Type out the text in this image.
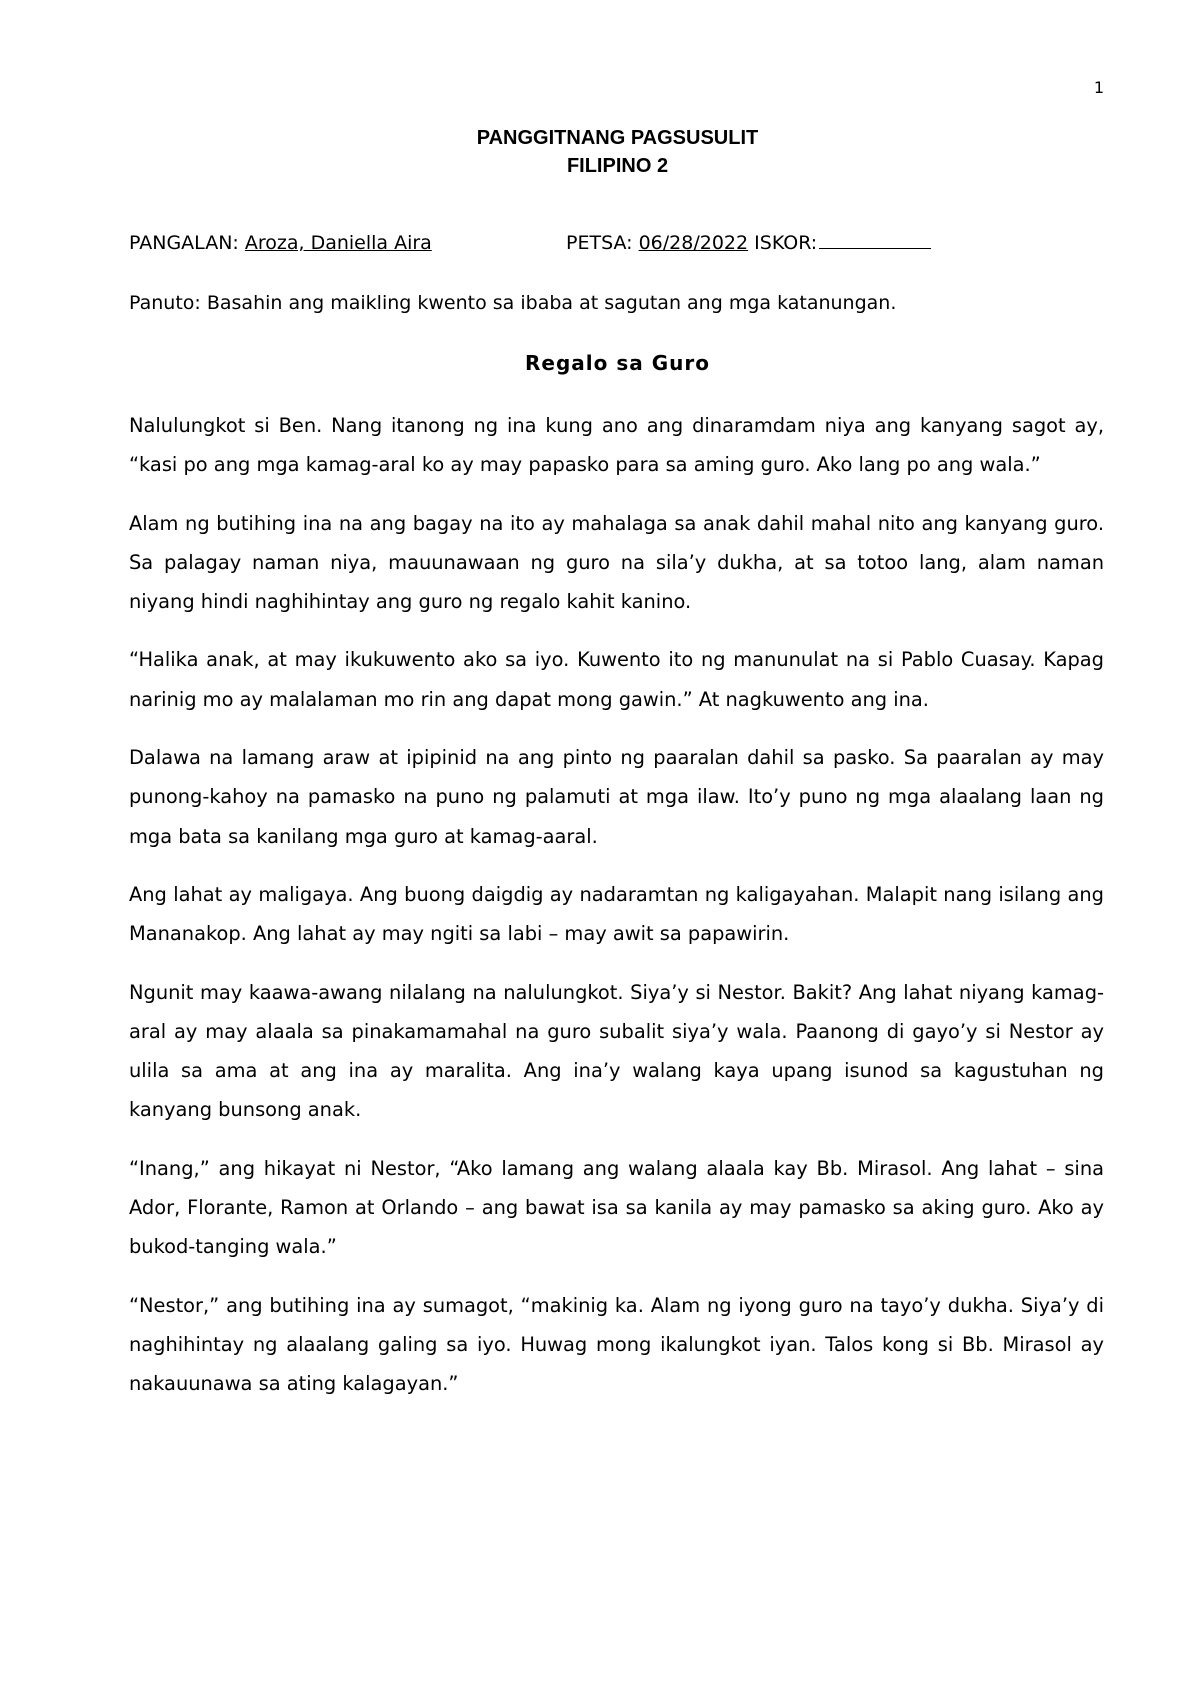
1
PANGGITNANG PAGSUSULIT
FILIPINO 2
PANGALAN: Aroza, Daniella Aira	PETSA: 06/28/2022 ISKOR:
Panuto: Basahin ang maikling kwento sa ibaba at sagutan ang mga katanungan.
Regalo sa Guro

Nalulungkot si Ben. Nang itanong ng ina kung ano ang dinaramdam niya ang kanyang sagot ay, “kasi po ang mga kamag-aral ko ay may papasko para sa aming guro. Ako lang po ang wala.”

Alam ng butihing ina na ang bagay na ito ay mahalaga sa anak dahil mahal nito ang kanyang guro. Sa palagay naman niya, mauunawaan ng guro na sila’y dukha, at sa totoo lang, alam naman niyang hindi naghihintay ang guro ng regalo kahit kanino.

“Halika anak, at may ikukuwento ako sa iyo. Kuwento ito ng manunulat na si Pablo Cuasay. Kapag narinig mo ay malalaman mo rin ang dapat mong gawin.” At nagkuwento ang ina.

Dalawa na lamang araw at ipipinid na ang pinto ng paaralan dahil sa pasko. Sa paaralan ay may punong-kahoy na pamasko na puno ng palamuti at mga ilaw. Ito’y puno ng mga alaalang laan ng mga bata sa kanilang mga guro at kamag-aaral.

Ang lahat ay maligaya. Ang buong daigdig ay nadaramtan ng kaligayahan. Malapit nang isilang ang Mananakop. Ang lahat ay may ngiti sa labi – may awit sa papawirin.

Ngunit may kaawa-awang nilalang na nalulungkot. Siya’y si Nestor. Bakit? Ang lahat niyang kamag-aral ay may alaala sa pinakamamahal na guro subalit siya’y wala. Paanong di gayo’y si Nestor ay ulila sa ama at ang ina ay maralita. Ang ina’y walang kaya upang isunod sa kagustuhan ng kanyang bunsong anak.

“Inang,” ang hikayat ni Nestor, “Ako lamang ang walang alaala kay Bb. Mirasol. Ang lahat – sina Ador, Florante, Ramon at Orlando – ang bawat isa sa kanila ay may pamasko sa aking guro. Ako ay bukod-tanging wala.”

“Nestor,” ang butihing ina ay sumagot, “makinig ka. Alam ng iyong guro na tayo’y dukha. Siya’y di naghihintay ng alaalang galing sa iyo. Huwag mong ikalungkot iyan. Talos kong si Bb. Mirasol ay nakauunawa sa ating kalagayan.”
